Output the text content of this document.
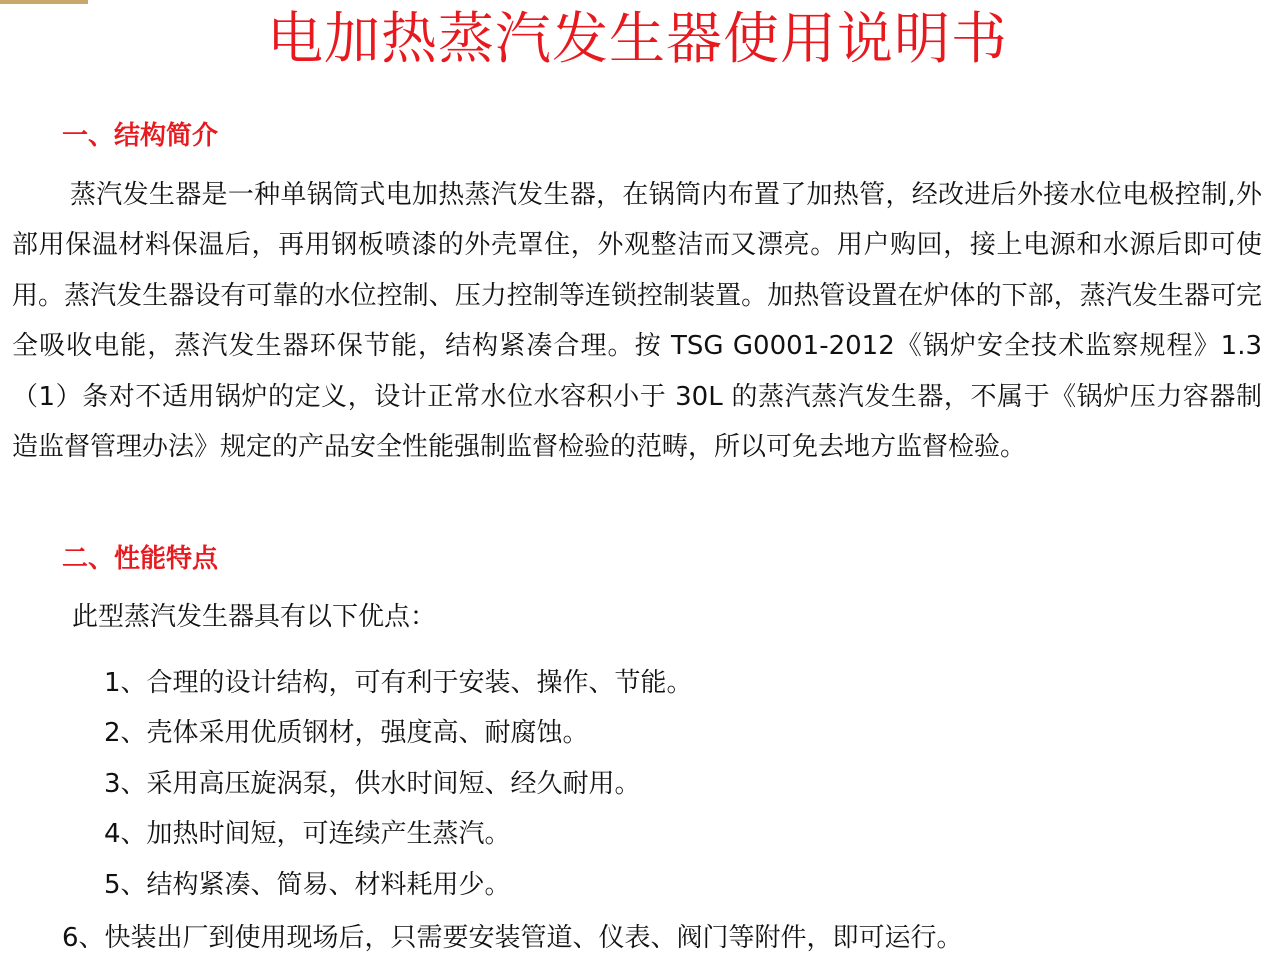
电加热蒸汽发生器使用说明书
一、结构简介

蒸汽发生器是一种单锅筒式电加热蒸汽发生器，在锅筒内布置了加热管，经改进后外接水位电极控制,外部用保温材料保温后，再用钢板喷漆的外壳罩住，外观整洁而又漂亮。用户购回，接上电源和水源后即可使用。蒸汽发生器设有可靠的水位控制、压力控制等连锁控制装置。加热管设置在炉体的下部，蒸汽发生器可完全吸收电能，蒸汽发生器环保节能，结构紧凑合理。按 TSG G0001-2012《锅炉安全技术监察规程》1.3（1）条对不适用锅炉的定义，设计正常水位水容积小于 30L 的蒸汽蒸汽发生器，不属于《锅炉压力容器制造监督管理办法》规定的产品安全性能强制监督检验的范畴，所以可免去地方监督检验。

二、性能特点

此型蒸汽发生器具有以下优点：

1、合理的设计结构，可有利于安装、操作、节能。
2、壳体采用优质钢材，强度高、耐腐蚀。
3、采用高压旋涡泵，供水时间短、经久耐用。
4、加热时间短，可连续产生蒸汽。
5、结构紧凑、简易、材料耗用少。

6、快装出厂到使用现场后，只需要安装管道、仪表、阀门等附件，即可运行。
